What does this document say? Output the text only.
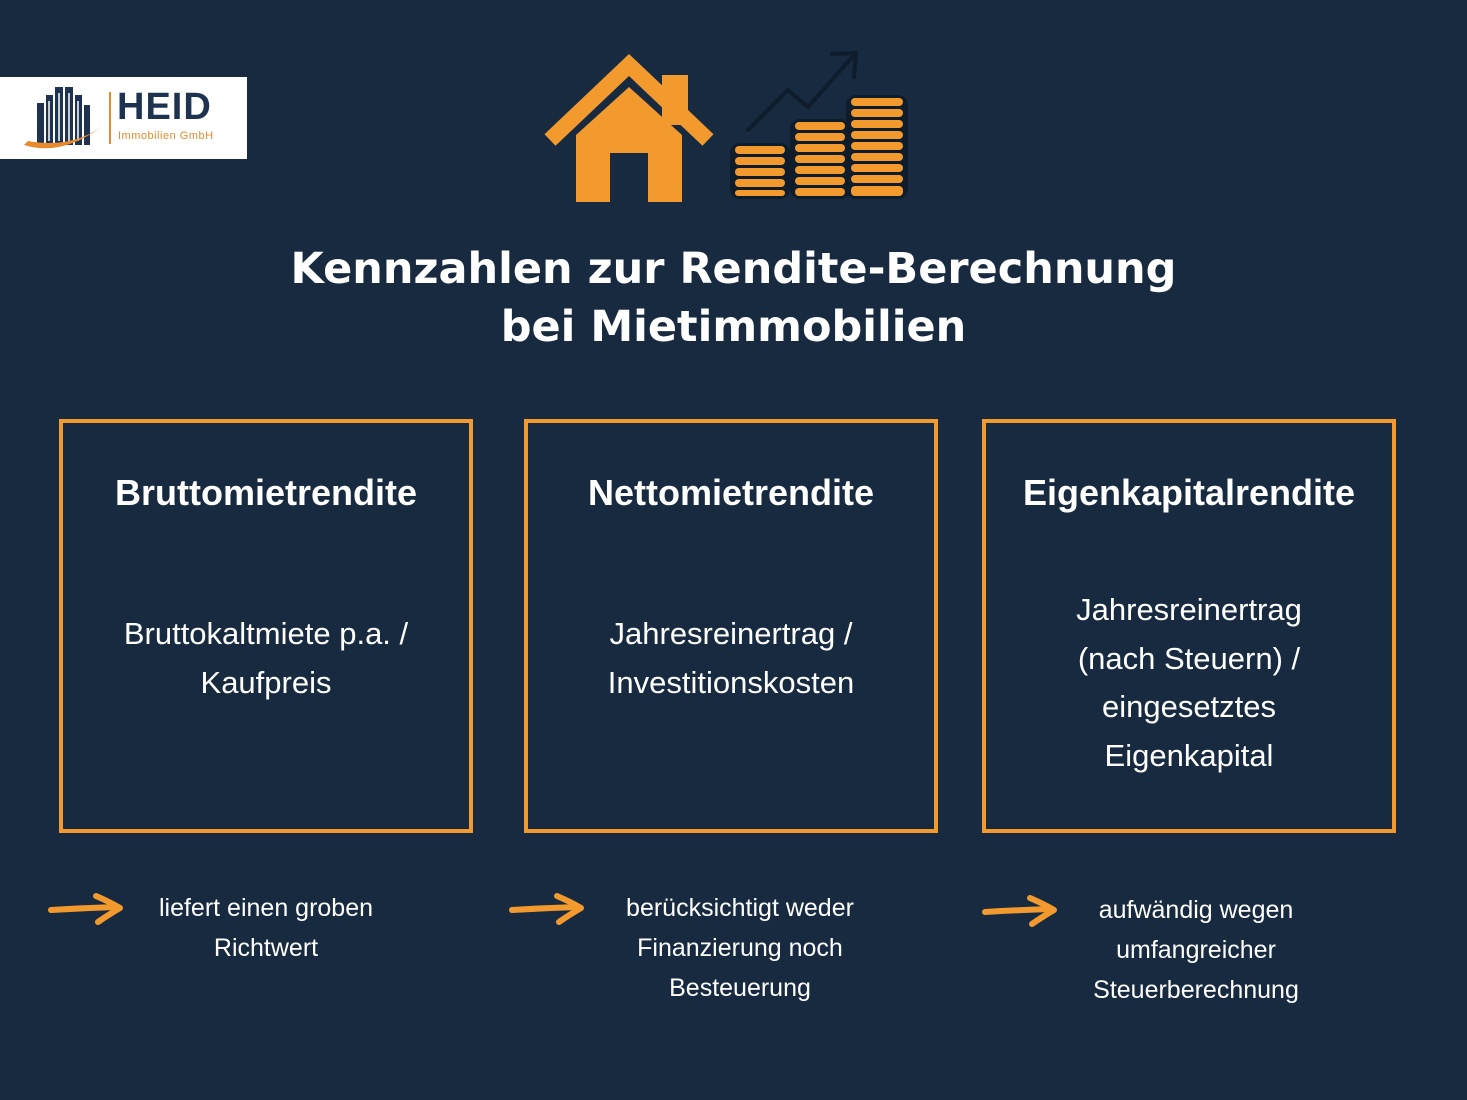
HEID
Immobilien GmbH
Kennzahlen zur Rendite-Berechnung
bei Mietimmobilien
Bruttomietrendite
Bruttokaltmiete p.a. /
Kaufpreis
Nettomietrendite
Jahresreinertrag /
Investitionskosten
Eigenkapitalrendite
Jahresreinertrag
(nach Steuern) /
eingesetztes
Eigenkapital
liefert einen groben
Richtwert
berücksichtigt weder
Finanzierung noch
Besteuerung
aufwändig wegen
umfangreicher
Steuerberechnung
